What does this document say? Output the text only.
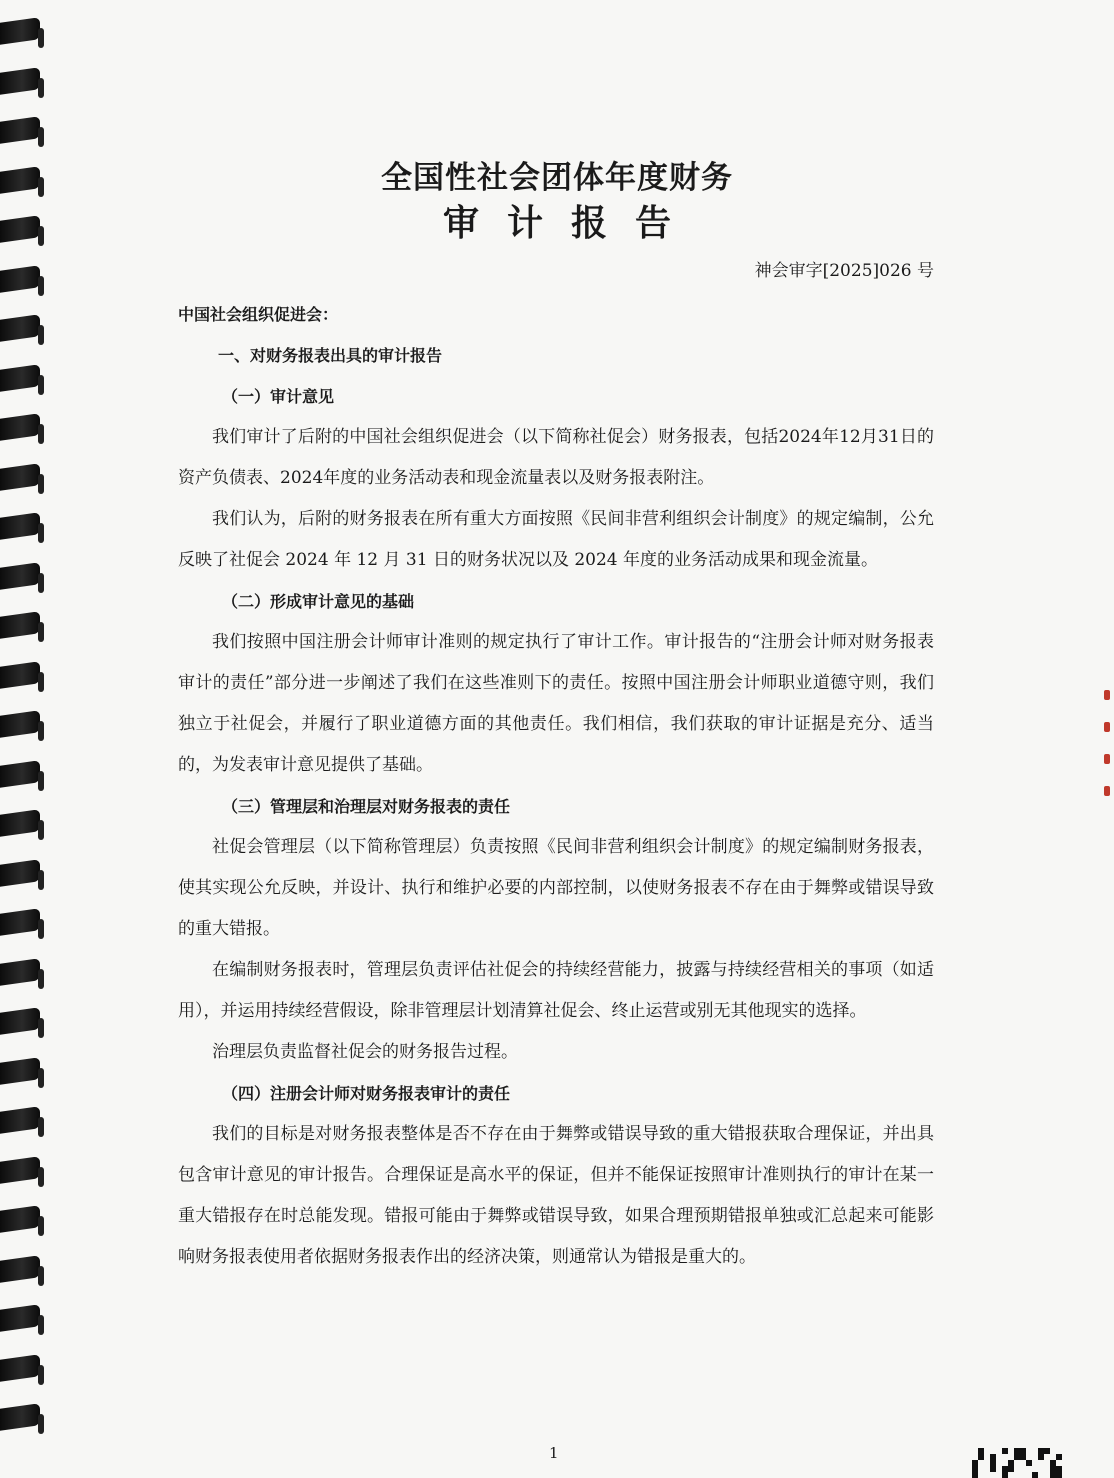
全国性社会团体年度财务
审计报告
神会审字[2025]026 号

中国社会组织促进会：

一、对财务报表出具的审计报告

（一）审计意见

我们审计了后附的中国社会组织促进会（以下简称社促会）财务报表，包括2024年12月31日的资产负债表、2024年度的业务活动表和现金流量表以及财务报表附注。

我们认为，后附的财务报表在所有重大方面按照《民间非营利组织会计制度》的规定编制，公允反映了社促会 2024 年 12 月 31 日的财务状况以及 2024 年度的业务活动成果和现金流量。

（二）形成审计意见的基础

我们按照中国注册会计师审计准则的规定执行了审计工作。审计报告的“注册会计师对财务报表审计的责任”部分进一步阐述了我们在这些准则下的责任。按照中国注册会计师职业道德守则，我们独立于社促会，并履行了职业道德方面的其他责任。我们相信，我们获取的审计证据是充分、适当的，为发表审计意见提供了基础。

（三）管理层和治理层对财务报表的责任

社促会管理层（以下简称管理层）负责按照《民间非营利组织会计制度》的规定编制财务报表，使其实现公允反映，并设计、执行和维护必要的内部控制，以使财务报表不存在由于舞弊或错误导致的重大错报。

在编制财务报表时，管理层负责评估社促会的持续经营能力，披露与持续经营相关的事项（如适用），并运用持续经营假设，除非管理层计划清算社促会、终止运营或别无其他现实的选择。

治理层负责监督社促会的财务报告过程。

（四）注册会计师对财务报表审计的责任

我们的目标是对财务报表整体是否不存在由于舞弊或错误导致的重大错报获取合理保证，并出具包含审计意见的审计报告。合理保证是高水平的保证，但并不能保证按照审计准则执行的审计在某一重大错报存在时总能发现。错报可能由于舞弊或错误导致，如果合理预期错报单独或汇总起来可能影响财务报表使用者依据财务报表作出的经济决策，则通常认为错报是重大的。

1
